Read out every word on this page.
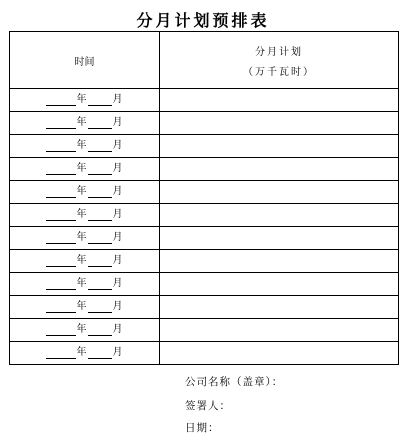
分月计划预排表
时间	分月计划
（万千瓦时）

年 月	
年 月	
年 月	
年 月	
年 月	
年 月	
年 月	
年 月	
年 月	
年 月	
年 月	
年 月	
公司名称（盖章）：
签署人：
日期：
